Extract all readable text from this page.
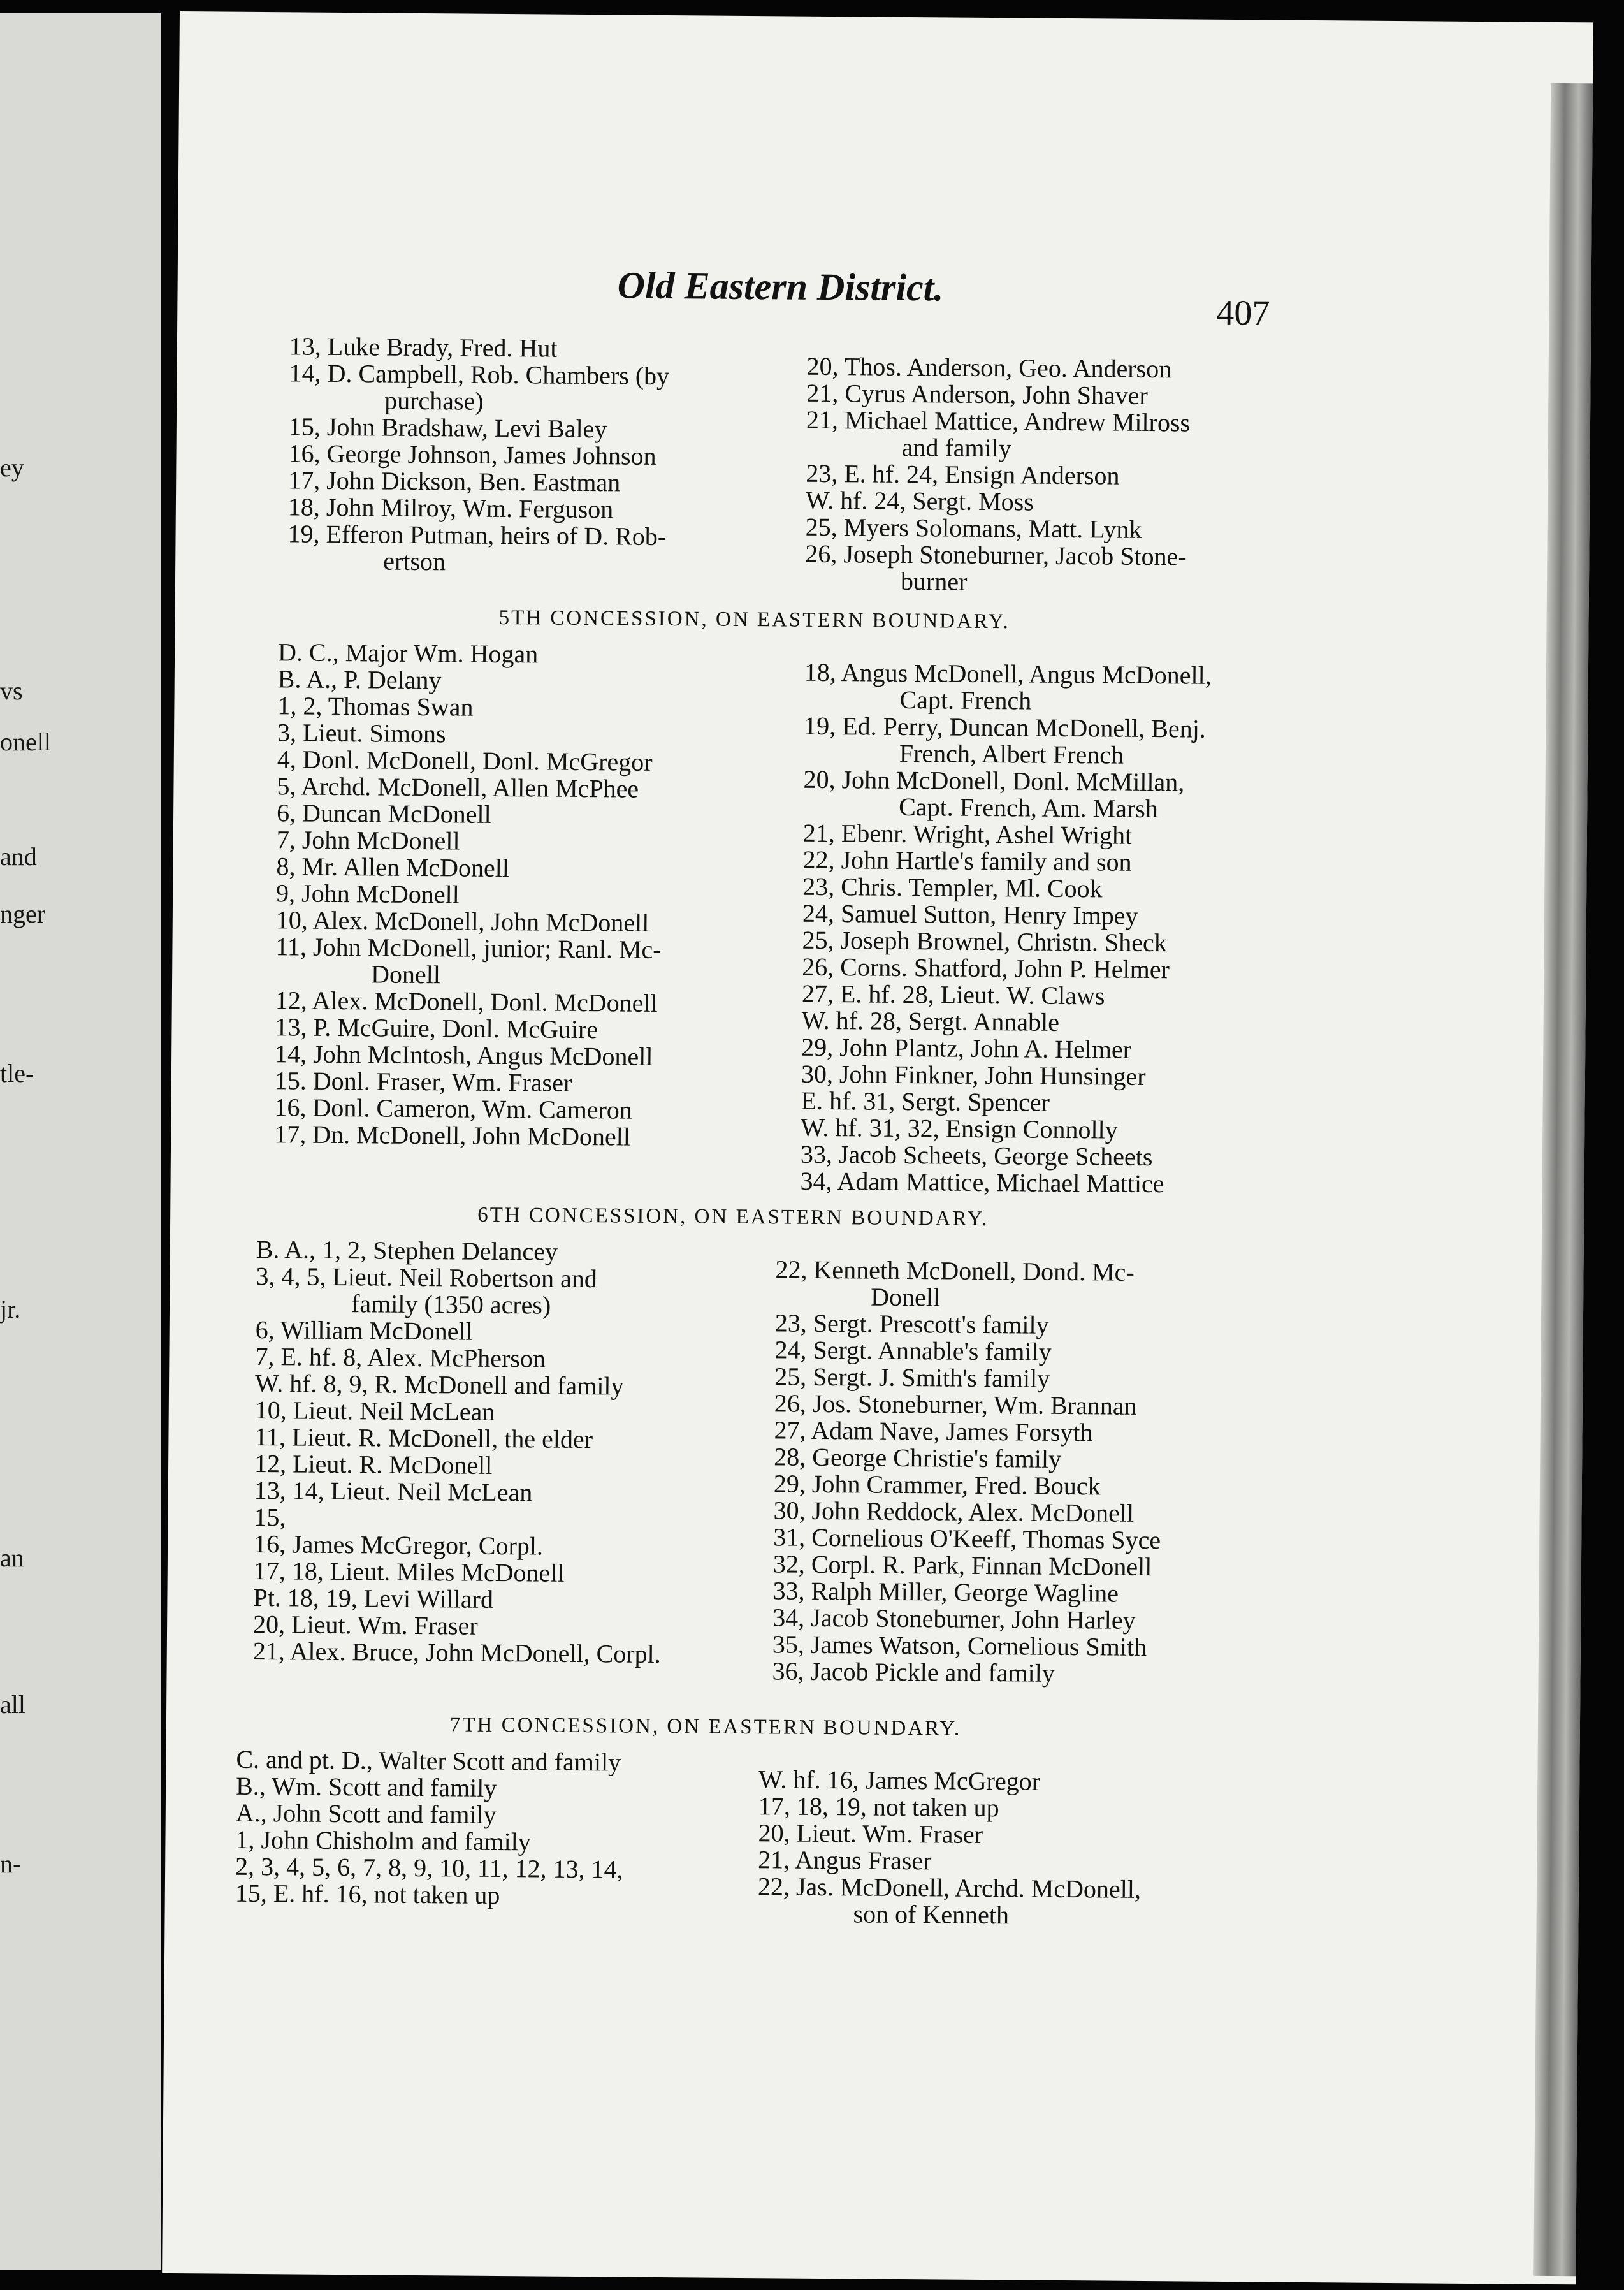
ey
vs
onell
and
nger
tle-
jr.
an
all
n-
Old Eastern District.
407
13, Luke Brady, Fred. Hut
14, D. Campbell, Rob. Chambers (by
purchase)
15, John Bradshaw, Levi Baley
16, George Johnson, James Johnson
17, John Dickson, Ben. Eastman
18, John Milroy, Wm. Ferguson
19, Efferon Putman, heirs of D. Rob-
ertson
20, Thos. Anderson, Geo. Anderson
21, Cyrus Anderson, John Shaver
21, Michael Mattice, Andrew Milross
and family
23, E. hf. 24, Ensign Anderson
W. hf. 24, Sergt. Moss
25, Myers Solomans, Matt. Lynk
26, Joseph Stoneburner, Jacob Stone-
burner
5TH CONCESSION, ON EASTERN BOUNDARY.
D. C., Major Wm. Hogan
B. A., P. Delany
1, 2, Thomas Swan
3, Lieut. Simons
4, Donl. McDonell, Donl. McGregor
5, Archd. McDonell, Allen McPhee
6, Duncan McDonell
7, John McDonell
8, Mr. Allen McDonell
9, John McDonell
10, Alex. McDonell, John McDonell
11, John McDonell, junior; Ranl. Mc-
Donell
12, Alex. McDonell, Donl. McDonell
13, P. McGuire, Donl. McGuire
14, John McIntosh, Angus McDonell
15. Donl. Fraser, Wm. Fraser
16, Donl. Cameron, Wm. Cameron
17, Dn. McDonell, John McDonell
18, Angus McDonell, Angus McDonell,
Capt. French
19, Ed. Perry, Duncan McDonell, Benj.
French, Albert French
20, John McDonell, Donl. McMillan,
Capt. French, Am. Marsh
21, Ebenr. Wright, Ashel Wright
22, John Hartle's family and son
23, Chris. Templer, Ml. Cook
24, Samuel Sutton, Henry Impey
25, Joseph Brownel, Christn. Sheck
26, Corns. Shatford, John P. Helmer
27, E. hf. 28, Lieut. W. Claws
W. hf. 28, Sergt. Annable
29, John Plantz, John A. Helmer
30, John Finkner, John Hunsinger
E. hf. 31, Sergt. Spencer
W. hf. 31, 32, Ensign Connolly
33, Jacob Scheets, George Scheets
34, Adam Mattice, Michael Mattice
6TH CONCESSION, ON EASTERN BOUNDARY.
B. A., 1, 2, Stephen Delancey
3, 4, 5, Lieut. Neil Robertson and
family (1350 acres)
6, William McDonell
7, E. hf. 8, Alex. McPherson
W. hf. 8, 9, R. McDonell and family
10, Lieut. Neil McLean
11, Lieut. R. McDonell, the elder
12, Lieut. R. McDonell
13, 14, Lieut. Neil McLean
15,
16, James McGregor, Corpl.
17, 18, Lieut. Miles McDonell
Pt. 18, 19, Levi Willard
20, Lieut. Wm. Fraser
21, Alex. Bruce, John McDonell, Corpl.
22, Kenneth McDonell, Dond. Mc-
Donell
23, Sergt. Prescott's family
24, Sergt. Annable's family
25, Sergt. J. Smith's family
26, Jos. Stoneburner, Wm. Brannan
27, Adam Nave, James Forsyth
28, George Christie's family
29, John Crammer, Fred. Bouck
30, John Reddock, Alex. McDonell
31, Cornelious O'Keeff, Thomas Syce
32, Corpl. R. Park, Finnan McDonell
33, Ralph Miller, George Wagline
34, Jacob Stoneburner, John Harley
35, James Watson, Cornelious Smith
36, Jacob Pickle and family
7TH CONCESSION, ON EASTERN BOUNDARY.
C. and pt. D., Walter Scott and family
B., Wm. Scott and family
A., John Scott and family
1, John Chisholm and family
2, 3, 4, 5, 6, 7, 8, 9, 10, 11, 12, 13, 14,
15, E. hf. 16, not taken up
W. hf. 16, James McGregor
17, 18, 19, not taken up
20, Lieut. Wm. Fraser
21, Angus Fraser
22, Jas. McDonell, Archd. McDonell,
son of Kenneth
